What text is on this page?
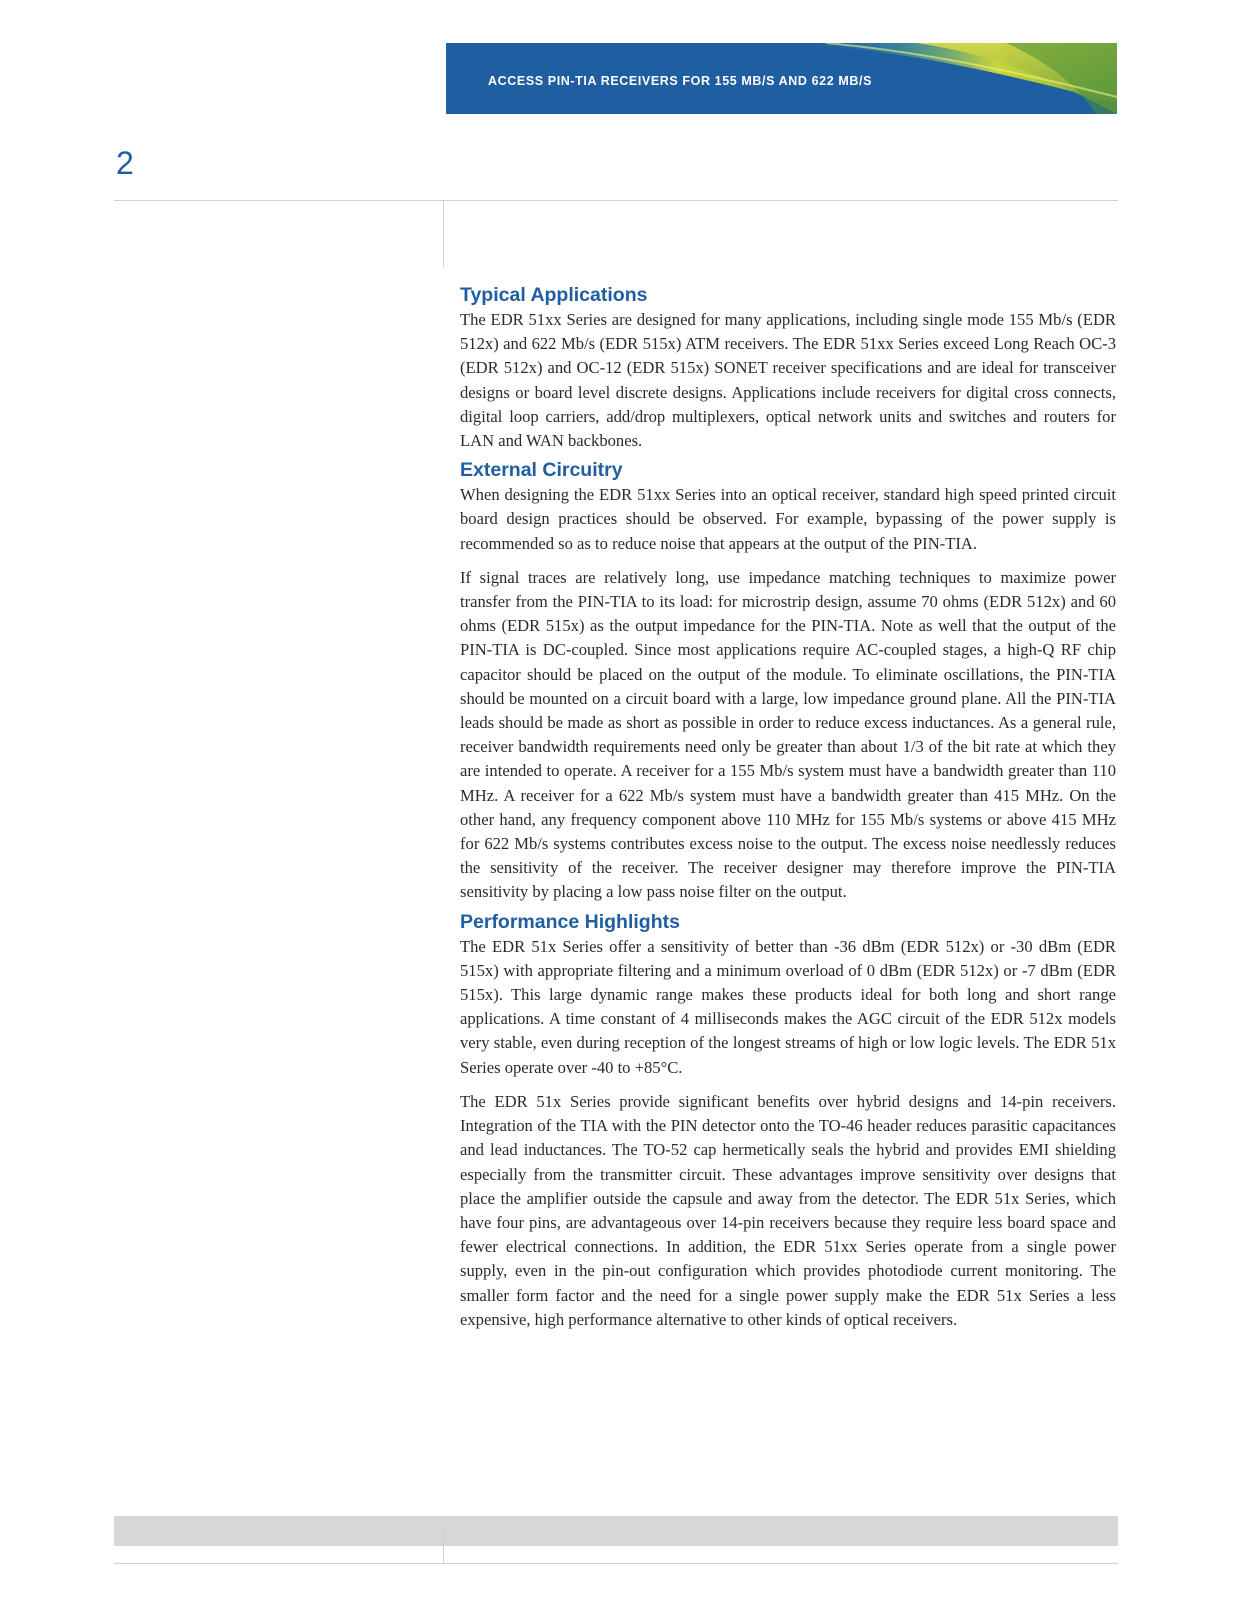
ACCESS PIN-TIA RECEIVERS FOR 155 MB/S AND 622 MB/S
2
Typical Applications

The EDR 51xx Series are designed for many applications, including single mode 155 Mb/s (EDR 512x) and 622 Mb/s (EDR 515x) ATM receivers. The EDR 51xx Series exceed Long Reach OC-3 (EDR 512x) and OC-12 (EDR 515x) SONET receiver specifications and are ideal for transceiver designs or board level discrete designs. Applications include receivers for digital cross connects, digital loop carriers, add/drop multiplexers, optical network units and switches and routers for LAN and WAN backbones.

External Circuitry

When designing the EDR 51xx Series into an optical receiver, standard high speed printed circuit board design practices should be observed. For example, bypassing of the power supply is recommended so as to reduce noise that appears at the output of the PIN-TIA.

If signal traces are relatively long, use impedance matching techniques to maximize power transfer from the PIN-TIA to its load: for microstrip design, assume 70 ohms (EDR 512x) and 60 ohms (EDR 515x) as the output impedance for the PIN-TIA. Note as well that the output of the PIN-TIA is DC-coupled. Since most applications require AC-coupled stages, a high-Q RF chip capacitor should be placed on the output of the module. To eliminate oscillations, the PIN-TIA should be mounted on a circuit board with a large, low impedance ground plane. All the PIN-TIA leads should be made as short as possible in order to reduce excess inductances. As a general rule, receiver bandwidth requirements need only be greater than about 1/3 of the bit rate at which they are intended to operate. A receiver for a 155 Mb/s system must have a bandwidth greater than 110 MHz. A receiver for a 622 Mb/s system must have a bandwidth greater than 415 MHz. On the other hand, any frequency component above 110 MHz for 155 Mb/s systems or above 415 MHz for 622 Mb/s systems contributes excess noise to the output. The excess noise needlessly reduces the sensitivity of the receiver. The receiver designer may therefore improve the PIN-TIA sensitivity by placing a low pass noise filter on the output.

Performance Highlights

The EDR 51x Series offer a sensitivity of better than -36 dBm (EDR 512x) or -30 dBm (EDR 515x) with appropriate filtering and a minimum overload of 0 dBm (EDR 512x) or -7 dBm (EDR 515x). This large dynamic range makes these products ideal for both long and short range applications. A time constant of 4 milliseconds makes the AGC circuit of the EDR 512x models very stable, even during reception of the longest streams of high or low logic levels. The EDR 51x Series operate over -40 to +85°C.

The EDR 51x Series provide significant benefits over hybrid designs and 14-pin receivers. Integration of the TIA with the PIN detector onto the TO-46 header reduces parasitic capacitances and lead inductances. The TO-52 cap hermetically seals the hybrid and provides EMI shielding especially from the transmitter circuit. These advantages improve sensitivity over designs that place the amplifier outside the capsule and away from the detector. The EDR 51x Series, which have four pins, are advantageous over 14-pin receivers because they require less board space and fewer electrical connections. In addition, the EDR 51xx Series operate from a single power supply, even in the pin-out configuration which provides photodiode current monitoring. The smaller form factor and the need for a single power supply make the EDR 51x Series a less expensive, high performance alternative to other kinds of optical receivers.
